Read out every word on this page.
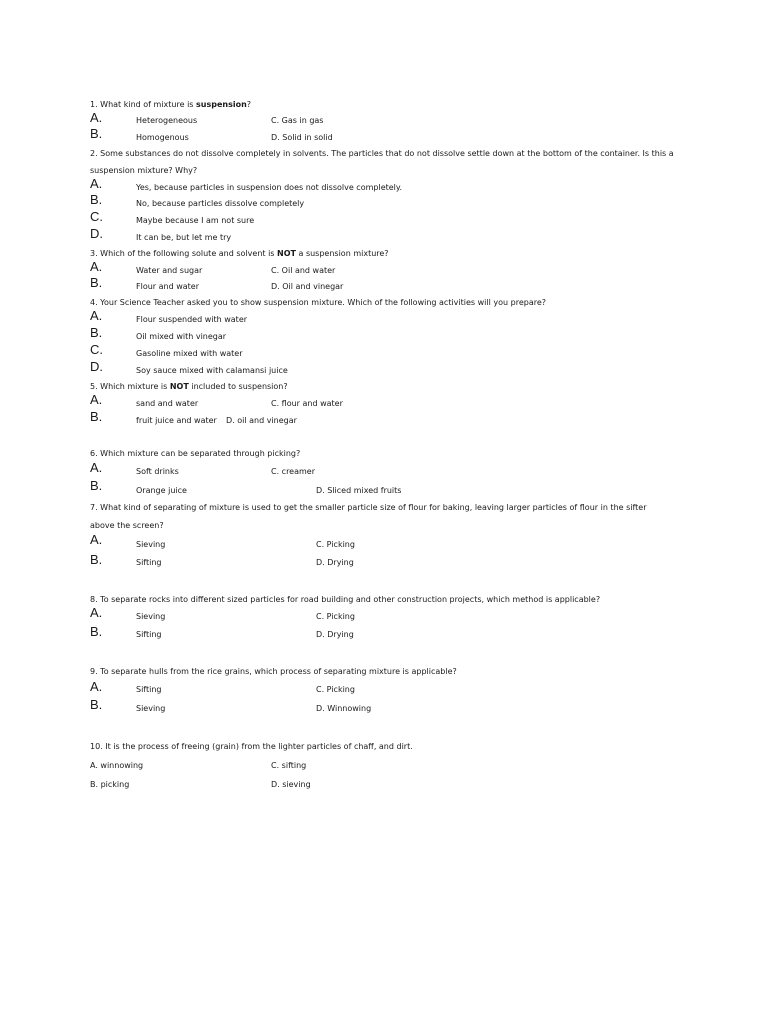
1. What kind of mixture is suspension?
A.	Heterogeneous	C. Gas in gas
B.	Homogenous	D. Solid in solid
2. Some substances do not dissolve completely in solvents. The particles that do not dissolve settle down at the bottom of the container. Is this a
suspension mixture? Why?
A.	Yes, because particles in suspension does not dissolve completely.
B.	No, because particles dissolve completely
C.	Maybe because I am not sure
D.	It can be, but let me try
3. Which of the following solute and solvent is NOT a suspension mixture?
A.	Water and sugar	C. Oil and water
B.	Flour and water	D. Oil and vinegar
4. Your Science Teacher asked you to show suspension mixture. Which of the following activities will you prepare?
A.	Flour suspended with water
B.	Oil mixed with vinegar
C.	Gasoline mixed with water
D.	Soy sauce mixed with calamansi juice
5. Which mixture is NOT included to suspension?
A.	sand and water	C. flour and water
B.	fruit juice and water D. oil and vinegar
6. Which mixture can be separated through picking?
A.	Soft drinks	C. creamer
B.	Orange juice	D. Sliced mixed fruits
7. What kind of separating of mixture is used to get the smaller particle size of flour for baking, leaving larger particles of flour in the sifter
above the screen?
A.	Sieving	C. Picking
B.	Sifting	D. Drying
8. To separate rocks into different sized particles for road building and other construction projects, which method is applicable?
A.	Sieving	C. Picking
B.	Sifting	D. Drying
9. To separate hulls from the rice grains, which process of separating mixture is applicable?
A.	Sifting	C. Picking
B.	Sieving	D. Winnowing
10. It is the process of freeing (grain) from the lighter particles of chaff, and dirt.
A. winnowing	C. sifting
B. picking	D. sieving
